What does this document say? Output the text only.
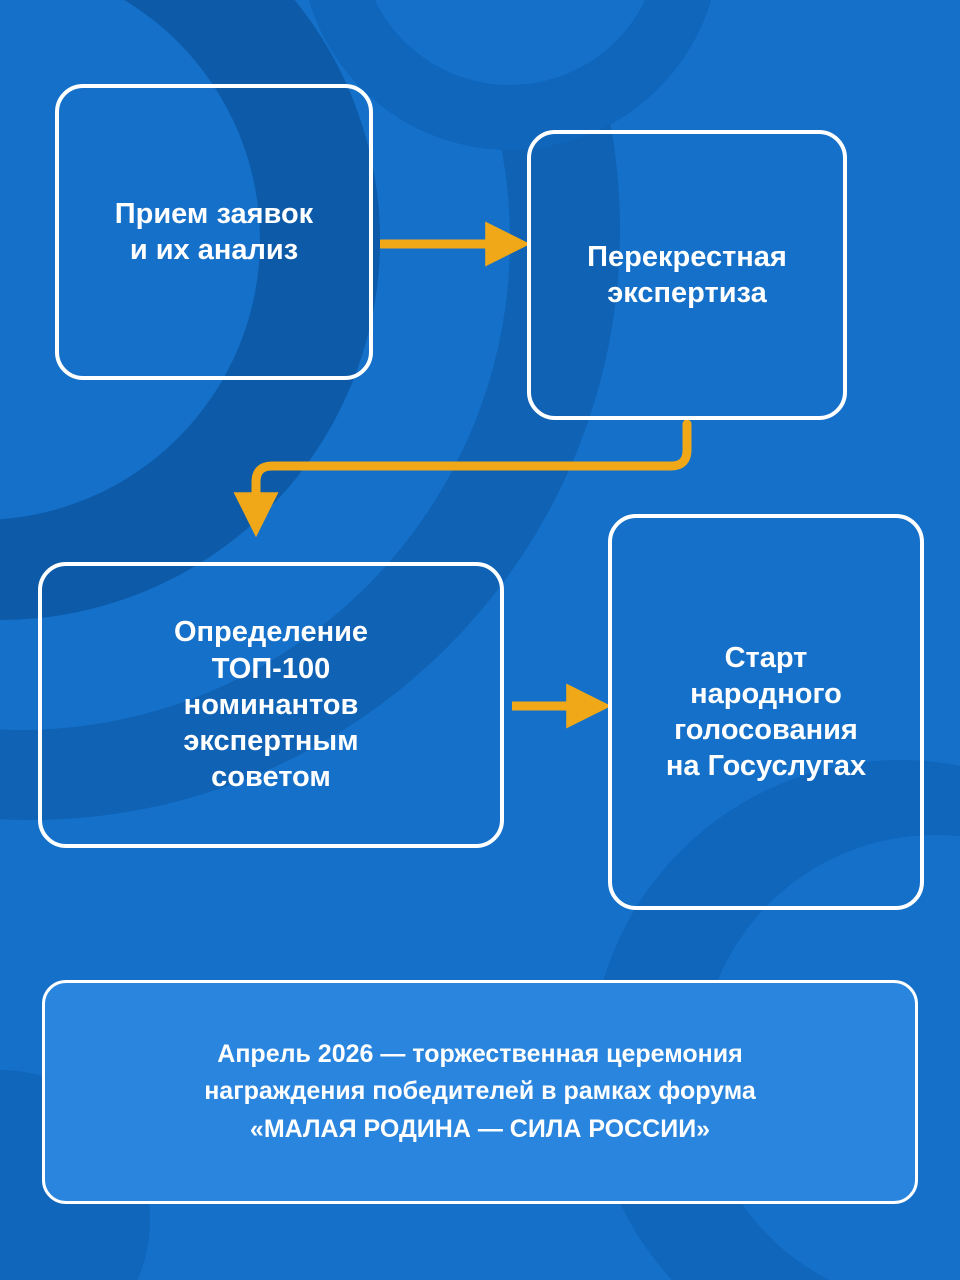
Прием заявок
и их анализ	Перекрестная
экспертиза
Определение
ТОП-100
номинантов
экспертным
советом
Старт
народного
голосования
на Госуслугах
Апрель 2026 — торжественная церемония
награждения победителей в рамках форума
«МАЛАЯ РОДИНА — СИЛА РОССИИ»
